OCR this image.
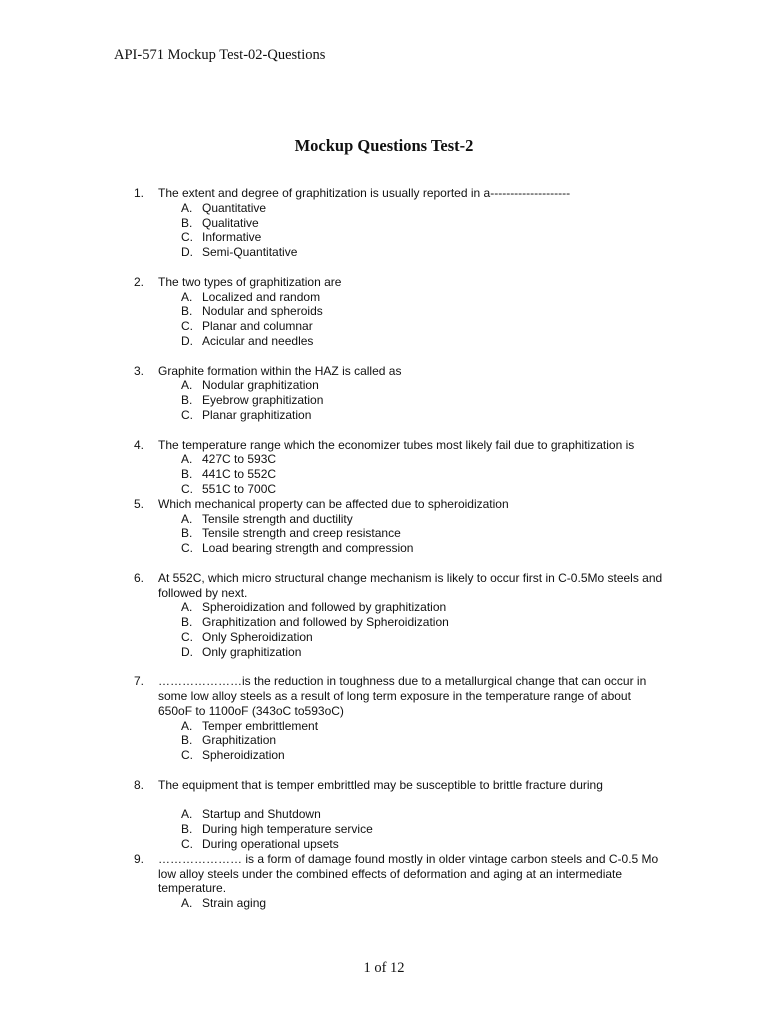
API-571 Mockup Test-02-Questions
Mockup Questions Test-2
1. The extent and degree of graphitization is usually reported in a--------------------
A. Quantitative
B. Qualitative
C. Informative
D. Semi-Quantitative
2. The two types of graphitization are
A. Localized and random
B. Nodular and spheroids
C. Planar and columnar
D. Acicular and needles
3. Graphite formation within the HAZ is called as
A. Nodular graphitization
B. Eyebrow graphitization
C. Planar graphitization
4. The temperature range which the economizer tubes most likely fail due to graphitization is
A. 427C to 593C
B. 441C to 552C
C. 551C to 700C
5. Which mechanical property can be affected due to spheroidization
A. Tensile strength and ductility
B. Tensile strength and creep resistance
C. Load bearing strength and compression
6. At 552C, which micro structural change mechanism is likely to occur first in C-0.5Mo steels and followed by next.
A. Spheroidization and followed by graphitization
B. Graphitization and followed by Spheroidization
C. Only Spheroidization
D. Only graphitization
7. …………………is the reduction in toughness due to a metallurgical change that can occur in some low alloy steels as a result of long term exposure in the temperature range of about 650oF to 1100oF (343oC to593oC)
A. Temper embrittlement
B. Graphitization
C. Spheroidization
8. The equipment that is temper embrittled may be susceptible to brittle fracture during
A. Startup and Shutdown
B. During high temperature service
C. During operational upsets
9. ………………… is a form of damage found mostly in older vintage carbon steels and C-0.5 Mo low alloy steels under the combined effects of deformation and aging at an intermediate temperature.
A. Strain aging
1 of 12
